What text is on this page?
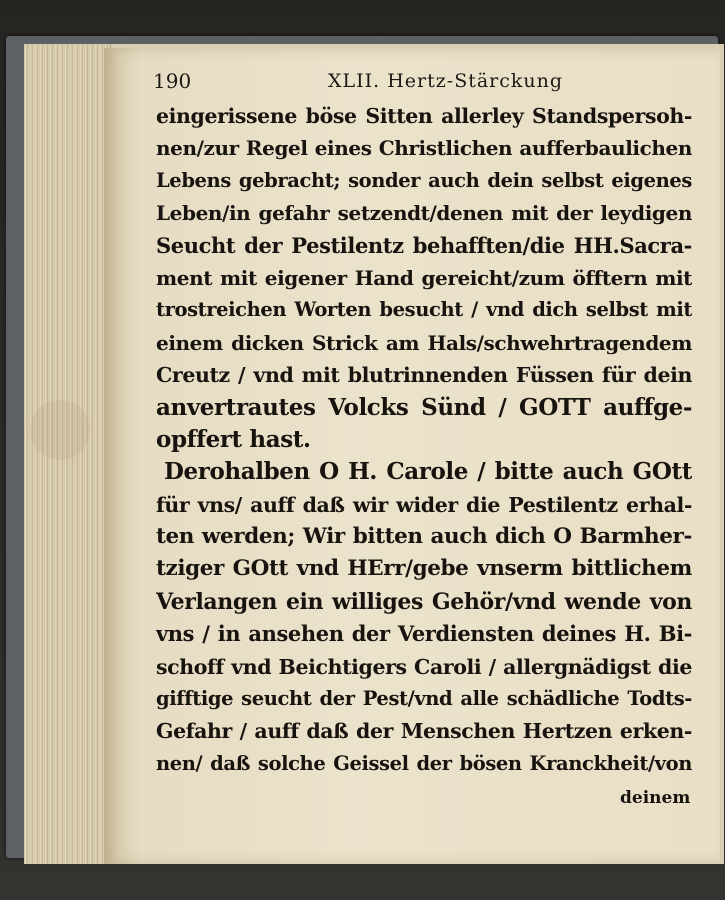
190	XLII. Hertz-Stärckung
eingerissene böse Sitten allerley Standspersoh-
nen/zur Regel eines Christlichen aufferbaulichen
Lebens gebracht; sonder auch dein selbst eigenes
Leben/in gefahr setzendt/denen mit der leydigen
Seucht der Pestilentz behafften/die HH.Sacra-
ment mit eigener Hand gereicht/zum öfftern mit
trostreichen Worten besucht / vnd dich selbst mit
einem dicken Strick am Hals/schwehrtragendem
Creutz / vnd mit blutrinnenden Füssen für dein
anvertrautes Volcks Sünd / GOTT auffge-
opffert hast.
Derohalben O H. Carole / bitte auch GOtt
für vns/ auff daß wir wider die Pestilentz erhal-
ten werden; Wir bitten auch dich O Barmher-
tziger GOtt vnd HErr/gebe vnserm bittlichem
Verlangen ein williges Gehör/vnd wende von
vns / in ansehen der Verdiensten deines H. Bi-
schoff vnd Beichtigers Caroli / allergnädigst die
gifftige seucht der Pest/vnd alle schädliche Todts-
Gefahr / auff daß der Menschen Hertzen erken-
nen/ daß solche Geissel der bösen Kranckheit/von
deinem
